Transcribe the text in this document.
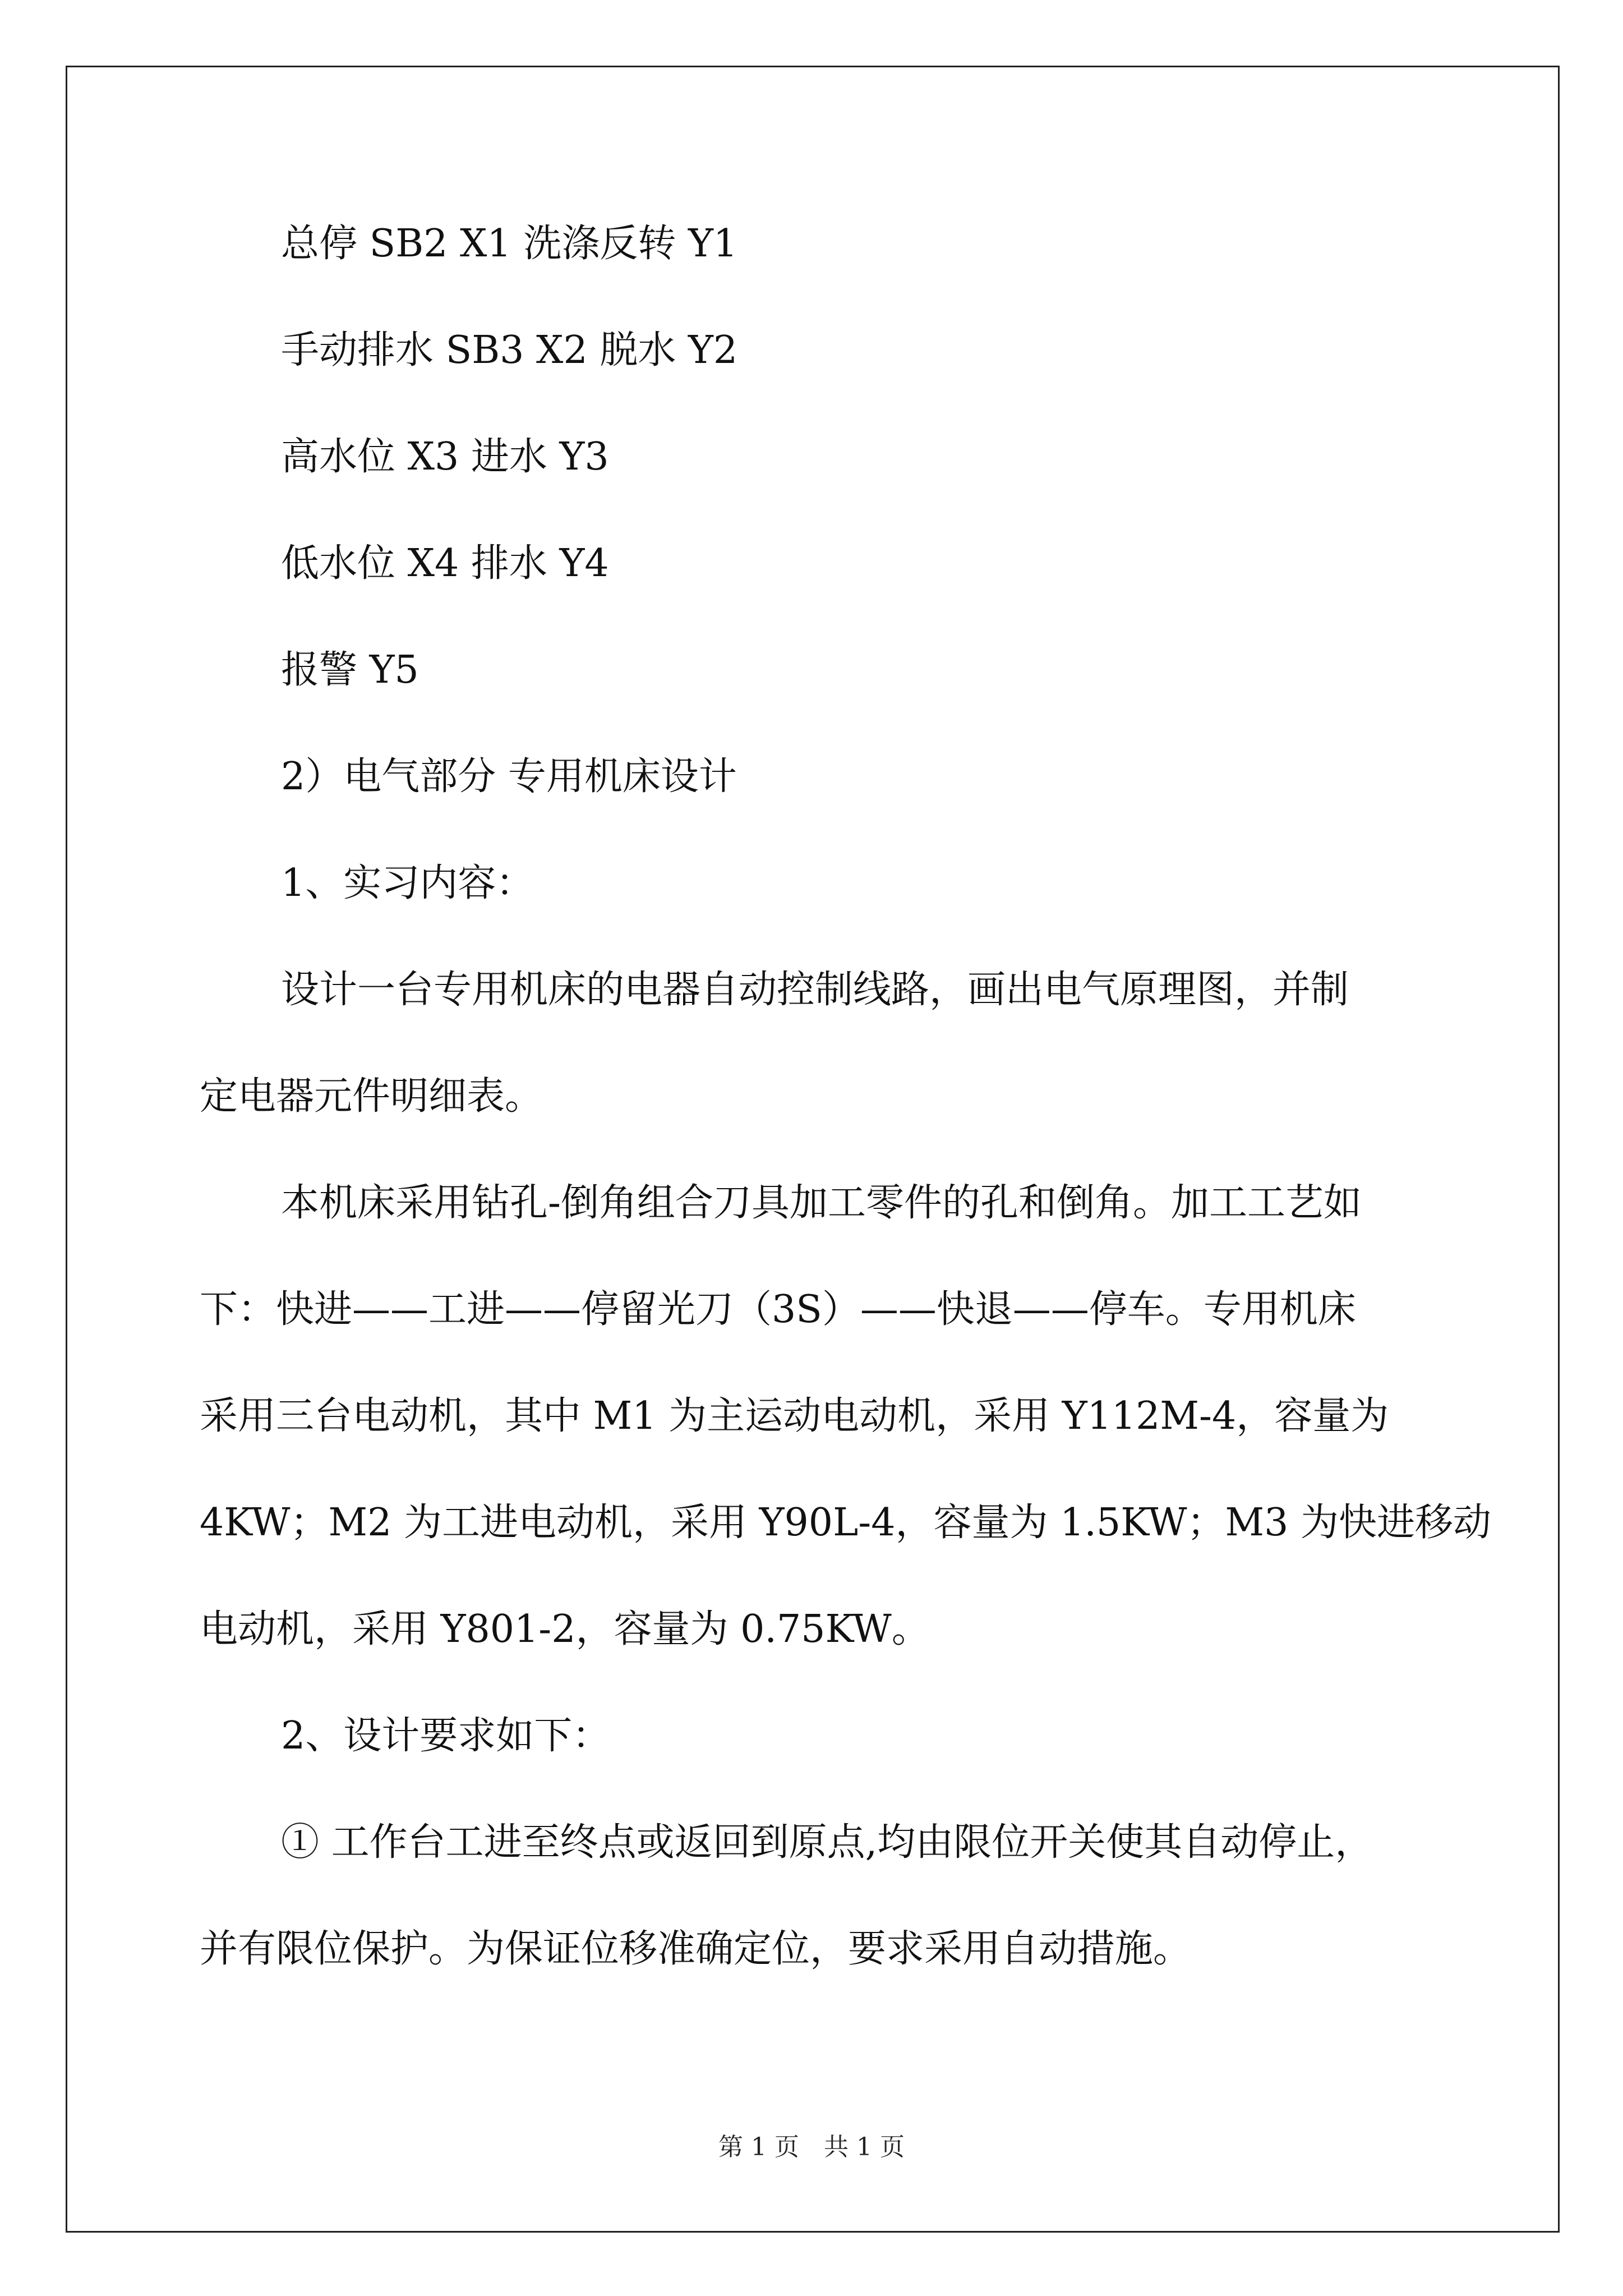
总停 SB2 X1 洗涤反转 Y1
手动排水 SB3 X2 脱水 Y2
高水位 X3 进水 Y3
低水位 X4 排水 Y4
报警 Y5
2）电气部分 专用机床设计
1、实习内容：
设计一台专用机床的电器自动控制线路，画出电气原理图，并制
定电器元件明细表。
本机床采用钻孔-倒角组合刀具加工零件的孔和倒角。加工工艺如
下：快进——工进——停留光刀（3S）——快退——停车。专用机床
采用三台电动机，其中 M1 为主运动电动机，采用 Y112M-4，容量为
4KW；M2 为工进电动机，采用 Y90L-4，容量为 1.5KW；M3 为快进移动
电动机，采用 Y801-2，容量为 0.75KW。
2、设计要求如下：
① 工作台工进至终点或返回到原点,均由限位开关使其自动停止，
并有限位保护。为保证位移准确定位，要求采用自动措施。
第 1 页　共 1 页
